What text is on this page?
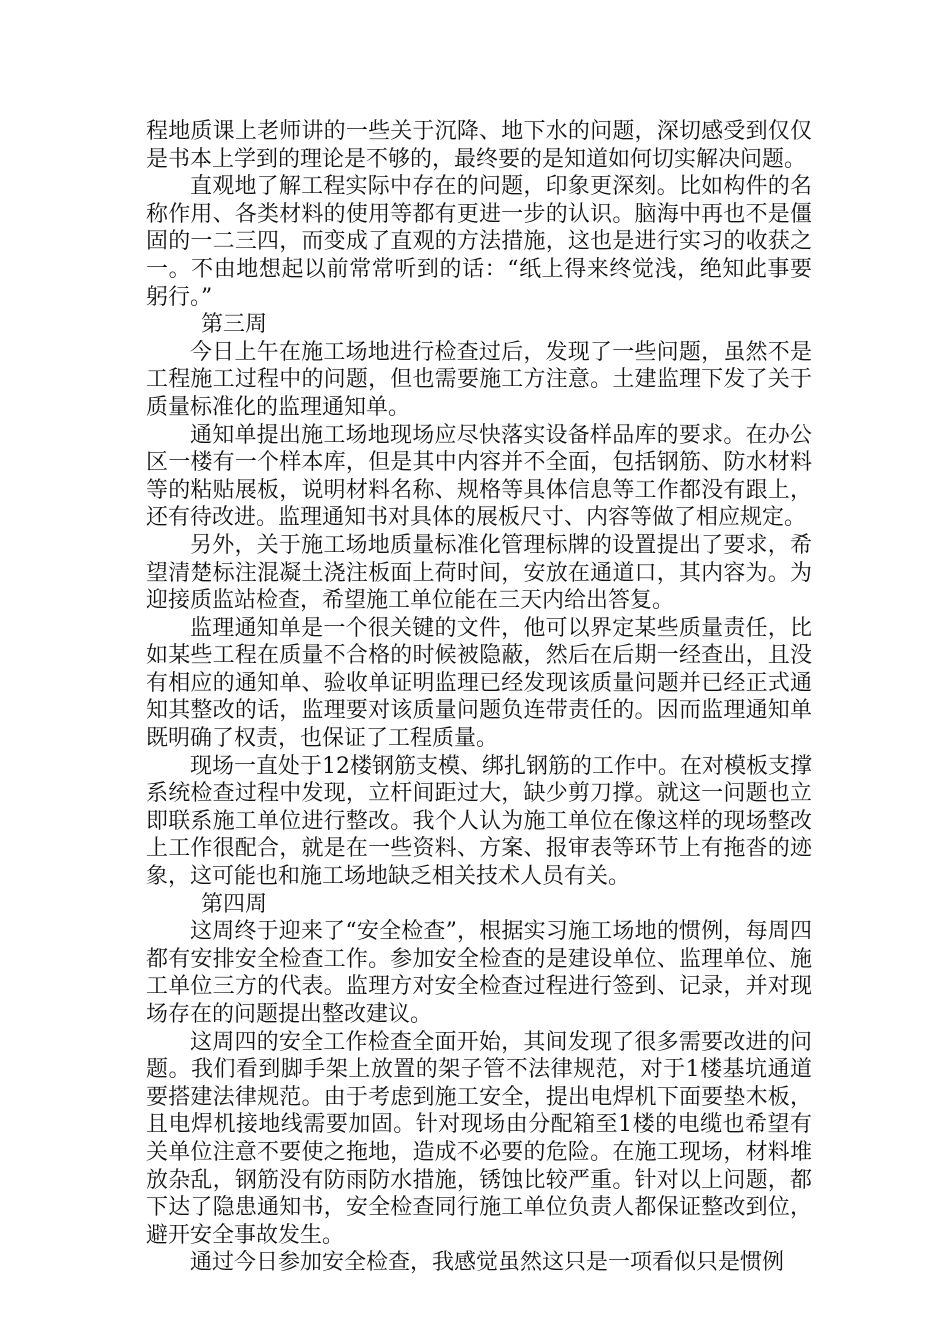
程地质课上老师讲的一些关于沉降、地下水的问题，深切感受到仅仅是书本上学到的理论是不够的，最终要的是知道如何切实解决问题。

直观地了解工程实际中存在的问题，印象更深刻。比如构件的名称作用、各类材料的使用等都有更进一步的认识。脑海中再也不是僵固的一二三四，而变成了直观的方法措施，这也是进行实习的收获之一。不由地想起以前常常听到的话：“纸上得来终觉浅，绝知此事要躬行。”

第三周

今日上午在施工场地进行检查过后，发现了一些问题，虽然不是工程施工过程中的问题，但也需要施工方注意。土建监理下发了关于质量标准化的监理通知单。

通知单提出施工场地现场应尽快落实设备样品库的要求。在办公区一楼有一个样本库，但是其中内容并不全面，包括钢筋、防水材料等的粘贴展板，说明材料名称、规格等具体信息等工作都没有跟上，还有待改进。监理通知书对具体的展板尺寸、内容等做了相应规定。

另外，关于施工场地质量标准化管理标牌的设置提出了要求，希望清楚标注混凝土浇注板面上荷时间，安放在通道口，其内容为。为迎接质监站检查，希望施工单位能在三天内给出答复。

监理通知单是一个很关键的文件，他可以界定某些质量责任，比如某些工程在质量不合格的时候被隐蔽，然后在后期一经查出，且没有相应的通知单、验收单证明监理已经发现该质量问题并已经正式通知其整改的话，监理要对该质量问题负连带责任的。因而监理通知单既明确了权责，也保证了工程质量。

现场一直处于12楼钢筋支模、绑扎钢筋的工作中。在对模板支撑系统检查过程中发现，立杆间距过大，缺少剪刀撑。就这一问题也立即联系施工单位进行整改。我个人认为施工单位在像这样的现场整改上工作很配合，就是在一些资料、方案、报审表等环节上有拖沓的迹象，这可能也和施工场地缺乏相关技术人员有关。

第四周

这周终于迎来了“安全检查”，根据实习施工场地的惯例，每周四都有安排安全检查工作。参加安全检查的是建设单位、监理单位、施工单位三方的代表。监理方对安全检查过程进行签到、记录，并对现场存在的问题提出整改建议。

这周四的安全工作检查全面开始，其间发现了很多需要改进的问题。我们看到脚手架上放置的架子管不法律规范，对于1楼基坑通道要搭建法律规范。由于考虑到施工安全，提出电焊机下面要垫木板，且电焊机接地线需要加固。针对现场由分配箱至1楼的电缆也希望有关单位注意不要使之拖地，造成不必要的危险。在施工现场，材料堆放杂乱，钢筋没有防雨防水措施，锈蚀比较严重。针对以上问题，都下达了隐患通知书，安全检查同行施工单位负责人都保证整改到位，避开安全事故发生。

通过今日参加安全检查，我感觉虽然这只是一项看似只是惯例
